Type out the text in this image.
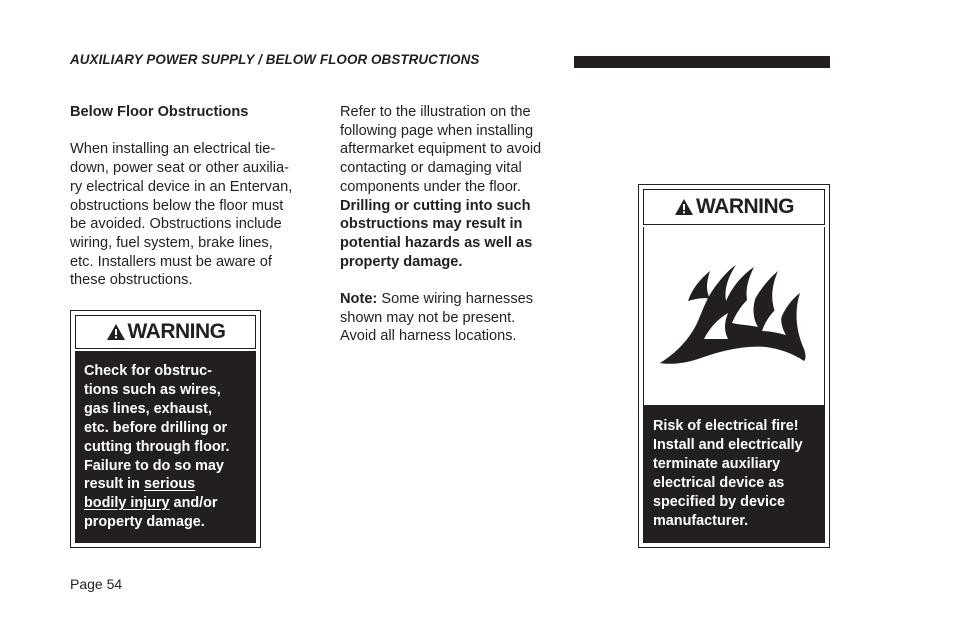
AUXILIARY POWER SUPPLY / BELOW FLOOR OBSTRUCTIONS

Below Floor Obstructions

When installing an electrical tie-

down, power seat or other auxilia-

ry electrical device in an Entervan,

obstructions below the floor must

be avoided. Obstructions include

wiring, fuel system, brake lines,

etc. Installers must be aware of

these obstructions.

Refer to the illustration on the

following page when installing

aftermarket equipment to avoid

contacting or damaging vital

components under the floor.

Drilling or cutting into such

obstructions may result in

potential hazards as well as

property damage.

Note: Some wiring harnesses

shown may not be present.

Avoid all harness locations.

WARNING

Check for obstruc-

tions such as wires,

gas lines, exhaust,

etc. before drilling or

cutting through floor.

Failure to do so may

result in serious

bodily injury and/or

property damage.

WARNING

Risk of electrical fire!

Install and electrically

terminate auxiliary

electrical device as

specified by device

manufacturer.

Page 54
